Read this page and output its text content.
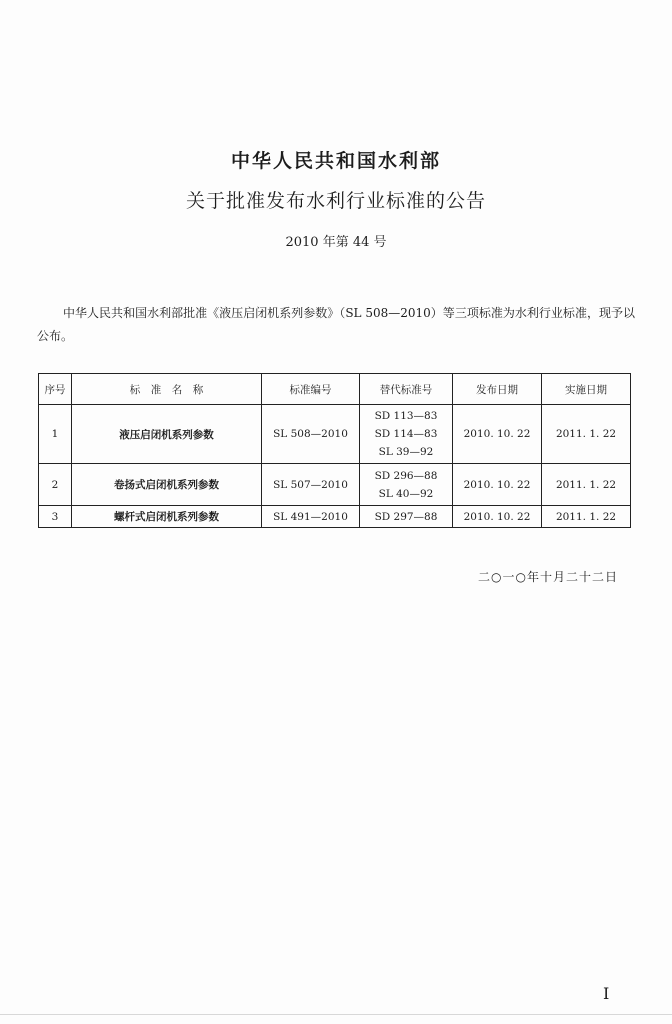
中华人民共和国水利部
关于批准发布水利行业标准的公告
2010 年第 44 号

中华人民共和国水利部批准《液压启闭机系列参数》（SL 508—2010）等三项标准为水利行业标准，现予以公布。

序号	标　准　名　称	标准编号	替代标准号	发布日期	实施日期
1	液压启闭机系列参数	SL 508—2010	SD 113—83
SD 114—83
SL 39—92	2010. 10. 22	2011. 1. 22
2	卷扬式启闭机系列参数	SL 507—2010	SD 296—88
SL 40—92	2010. 10. 22	2011. 1. 22
3	螺杆式启闭机系列参数	SL 491—2010	SD 297—88	2010. 10. 22	2011. 1. 22
二○一○年十月二十二日
I
